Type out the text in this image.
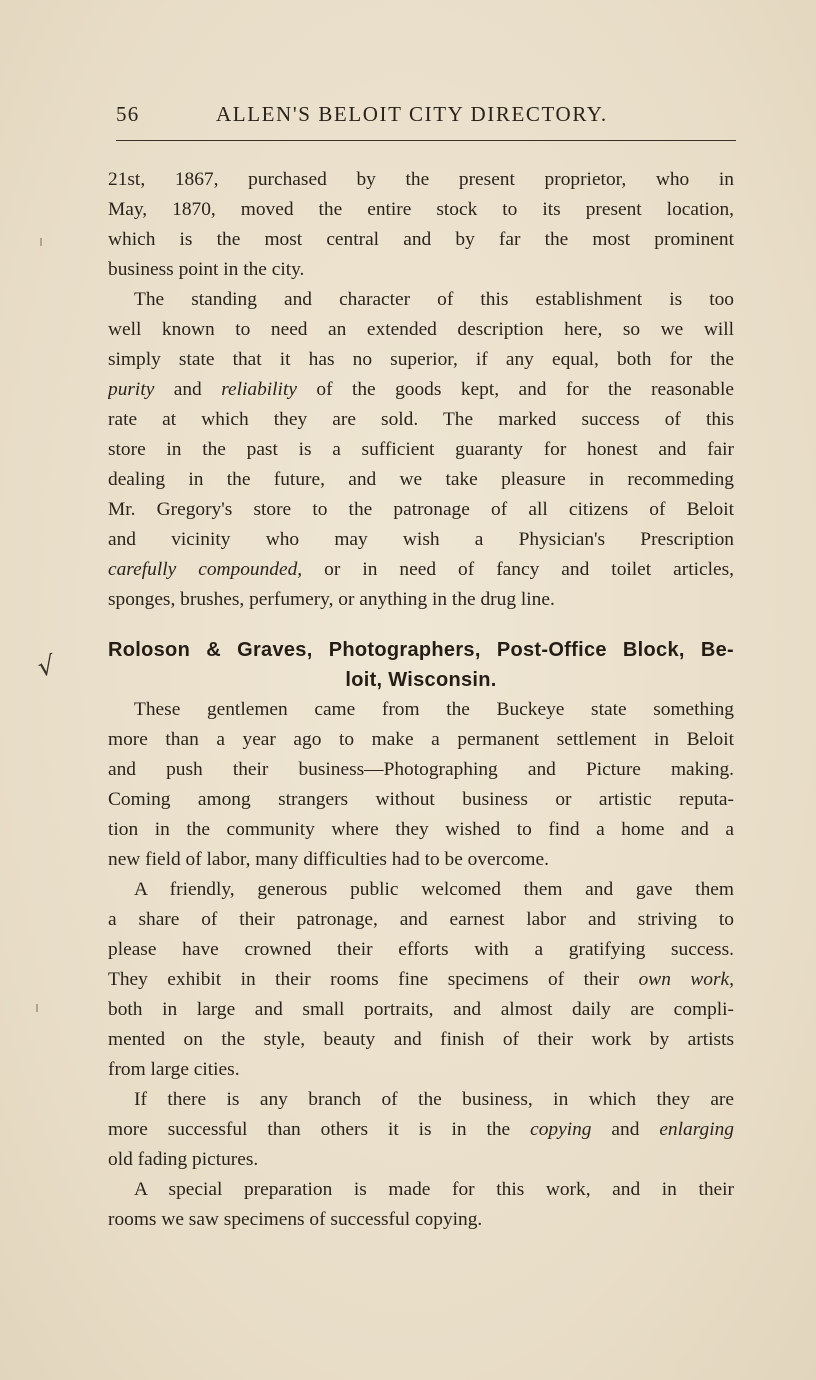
56	ALLEN'S BELOIT CITY DIRECTORY.
√
21st, 1867, purchased by the present proprietor, who in
May, 1870, moved the entire stock to its present location,
which is the most central and by far the most prominent
business point in the city.
The standing and character of this establishment is too
well known to need an extended description here, so we will
simply state that it has no superior, if any equal, both for the
purity and reliability of the goods kept, and for the reasonable
rate at which they are sold. The marked success of this
store in the past is a sufficient guaranty for honest and fair
dealing in the future, and we take pleasure in recommeding
Mr. Gregory's store to the patronage of all citizens of Beloit
and vicinity who may wish a Physician's Prescription
carefully compounded, or in need of fancy and toilet articles,
sponges, brushes, perfumery, or anything in the drug line.
Roloson & Graves, Photographers, Post-Office Block, Be-
loit, Wisconsin.
These gentlemen came from the Buckeye state something
more than a year ago to make a permanent settlement in Beloit
and push their business—Photographing and Picture making.
Coming among strangers without business or artistic reputa-
tion in the community where they wished to find a home and a
new field of labor, many difficulties had to be overcome.
A friendly, generous public welcomed them and gave them
a share of their patronage, and earnest labor and striving to
please have crowned their efforts with a gratifying success.
They exhibit in their rooms fine specimens of their own work,
both in large and small portraits, and almost daily are compli-
mented on the style, beauty and finish of their work by artists
from large cities.
If there is any branch of the business, in which they are
more successful than others it is in the copying and enlarging
old fading pictures.
A special preparation is made for this work, and in their
rooms we saw specimens of successful copying.
